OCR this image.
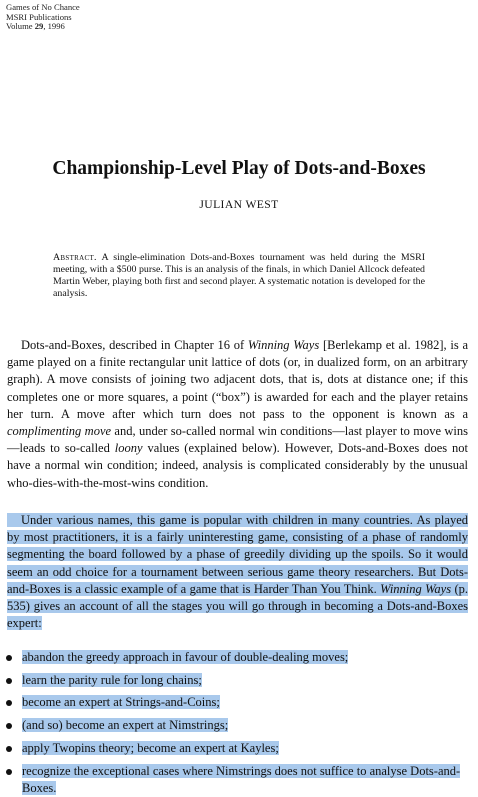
Games of No Chance
MSRI Publications
Volume 29, 1996
Championship-Level Play of Dots-and-Boxes
JULIAN WEST
Abstract. A single-elimination Dots-and-Boxes tournament was held during the MSRI meeting, with a $500 purse. This is an analysis of the finals, in which Daniel Allcock defeated Martin Weber, playing both first and second player. A systematic notation is developed for the analysis.
Dots-and-Boxes, described in Chapter 16 of Winning Ways [Berlekamp et al. 1982], is a game played on a finite rectangular unit lattice of dots (or, in dualized form, on an arbitrary graph). A move consists of joining two adjacent dots, that is, dots at distance one; if this completes one or more squares, a point (“box”) is awarded for each and the player retains her turn. A move after which turn does not pass to the opponent is known as a complimenting move and, under so-called normal win conditions—last player to move wins—leads to so-called loony values (explained below). However, Dots-and-Boxes does not have a normal win condition; indeed, analysis is complicated considerably by the unusual who-dies-with-the-most-wins condition.
Under various names, this game is popular with children in many countries. As played by most practitioners, it is a fairly uninteresting game, consisting of a phase of randomly segmenting the board followed by a phase of greedily dividing up the spoils. So it would seem an odd choice for a tournament between serious game theory researchers. But Dots-and-Boxes is a classic example of a game that is Harder Than You Think. Winning Ways (p. 535) gives an account of all the stages you will go through in becoming a Dots-and-Boxes expert:
abandon the greedy approach in favour of double-dealing moves;
learn the parity rule for long chains;
become an expert at Strings-and-Coins;
(and so) become an expert at Nimstrings;
apply Twopins theory; become an expert at Kayles;
recognize the exceptional cases where Nimstrings does not suffice to analyse Dots-and-Boxes.
